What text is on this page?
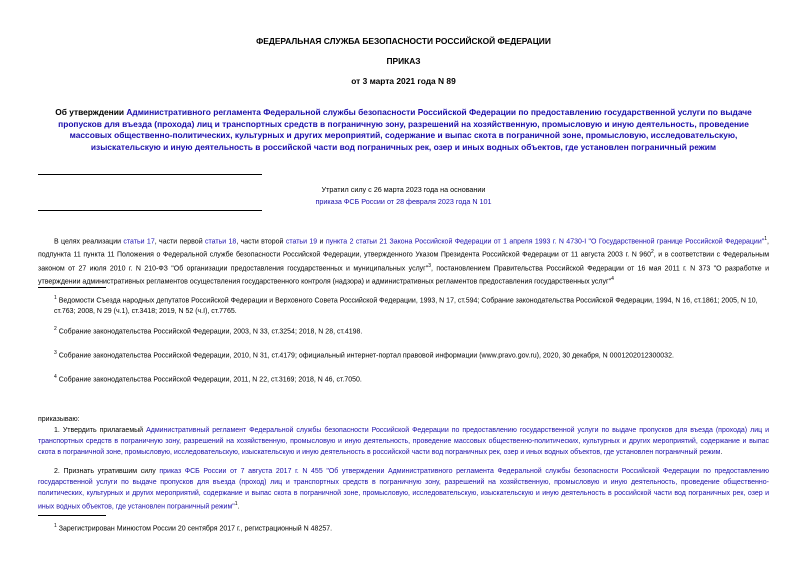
ФЕДЕРАЛЬНАЯ СЛУЖБА БЕЗОПАСНОСТИ РОССИЙСКОЙ ФЕДЕРАЦИИ
ПРИКАЗ
от 3 марта 2021 года N 89
Об утверждении Административного регламента Федеральной службы безопасности Российской Федерации по предоставлению государственной услуги по выдаче пропусков для въезда (прохода) лиц и транспортных средств в пограничную зону, разрешений на хозяйственную, промысловую и иную деятельность, проведение массовых общественно-политических, культурных и других мероприятий, содержание и выпас скота в пограничной зоне, промысловую, исследовательскую, изыскательскую и иную деятельность в российской части вод пограничных рек, озер и иных водных объектов, где установлен пограничный режим
Утратил силу с 26 марта 2023 года на основании
приказа ФСБ России от 28 февраля 2023 года N 101
В целях реализации статьи 17, части первой статьи 18, части второй статьи 19 и пункта 2 статьи 21 Закона Российской Федерации от 1 апреля 1993 г. N 4730-I "О Государственной границе Российской Федерации"$^1$, подпункта 11 пункта 11 Положения о Федеральной службе безопасности Российской Федерации, утвержденного Указом Президента Российской Федерации от 11 августа 2003 г. N $960^2$, и в соответствии с Федеральным законом от 27 июля 2010 г. N 210-ФЗ "Об организации предоставления государственных и муниципальных услуг"$^3$, постановлением Правительства Российской Федерации от 16 мая 2011 г. N 373 "О разработке и утверждении административных регламентов осуществления государственного контроля (надзора) и административных регламентов предоставления государственных услуг"$^4$
$^1$ Ведомости Съезда народных депутатов Российской Федерации и Верховного Совета Российской Федерации, 1993, N 17, ст.594; Собрание законодательства Российской Федерации, 1994, N 16, ст.1861; 2005, N 10, ст.763; 2008, N 29 (ч.1), ст.3418; 2019, N 52 (ч.І), ст.7765.
$^2$ Собрание законодательства Российской Федерации, 2003, N 33, ст.3254; 2018, N 28, ст.4198.
$^3$ Собрание законодательства Российской Федерации, 2010, N 31, ст.4179; официальный интернет-портал правовой информации (www.pravo.gov.ru), 2020, 30 декабря, N 0001202012300032.
$^4$ Собрание законодательства Российской Федерации, 2011, N 22, ст.3169; 2018, N 46, ст.7050.
приказываю:
1. Утвердить прилагаемый Административный регламент Федеральной службы безопасности Российской Федерации по предоставлению государственной услуги по выдаче пропусков для въезда (прохода) лиц и транспортных средств в пограничную зону, разрешений на хозяйственную, промысловую и иную деятельность, проведение массовых общественно-политических, культурных и других мероприятий, содержание и выпас скота в пограничной зоне, промысловую, исследовательскую, изыскательскую и иную деятельность в российской части вод пограничных рек, озер и иных водных объектов, где установлен пограничный режим.
2. Признать утратившим силу приказ ФСБ России от 7 августа 2017 г. N 455 "Об утверждении Административного регламента Федеральной службы безопасности Российской Федерации по предоставлению государственной услуги по выдаче пропусков для въезда (проход) лиц и транспортных средств в пограничную зону, разрешений на хозяйственную, промысловую и иную деятельность, проведение общественно-политических, культурных и других мероприятий, содержание и выпас скота в пограничной зоне, промысловую, исследовательскую, изыскательскую и иную деятельность в российской части вод пограничных рек, озер и иных водных объектов, где установлен пограничный режим"$^1$.
$^1$ Зарегистрирован Минюстом России 20 сентября 2017 г., регистрационный N 48257.
